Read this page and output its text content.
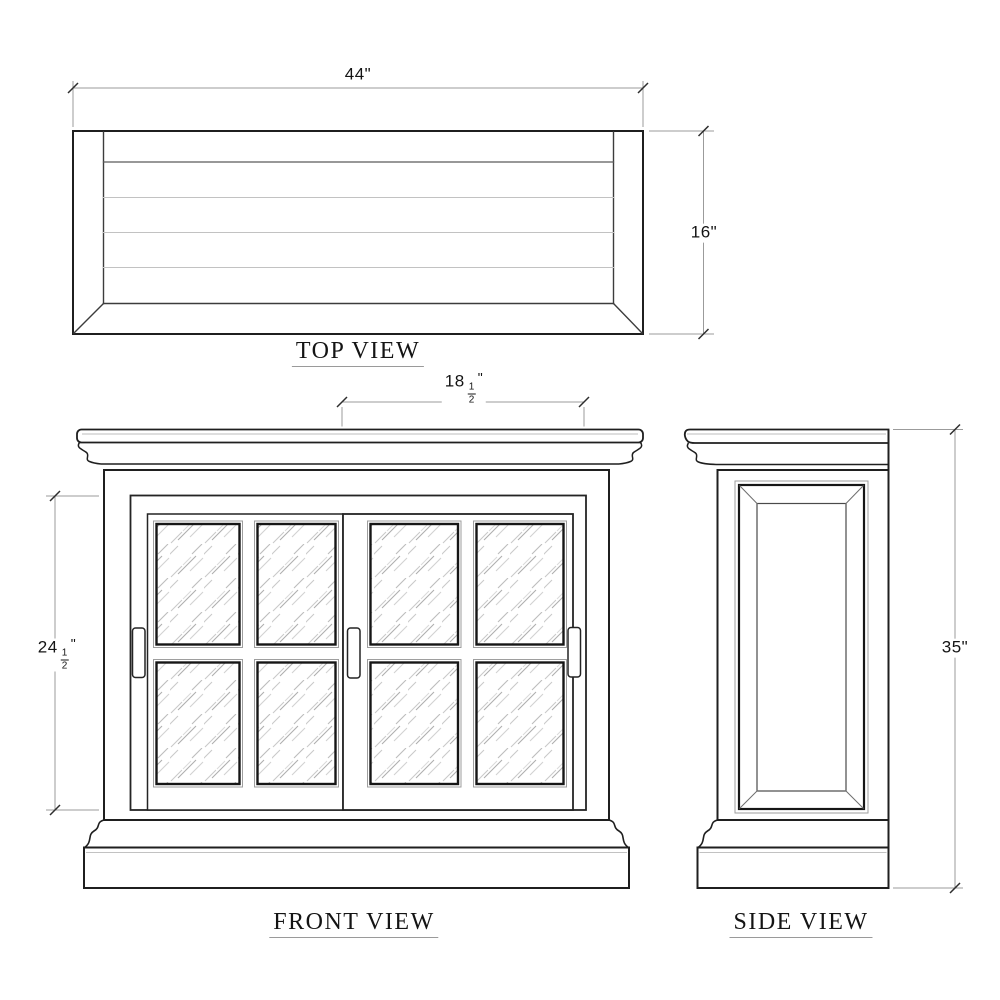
44"
16"
18
$\frac{1}{2}$
"
24
$\frac{1}{2}$
"	35"
TOP VIEW
FRONT VIEW	SIDE VIEW
